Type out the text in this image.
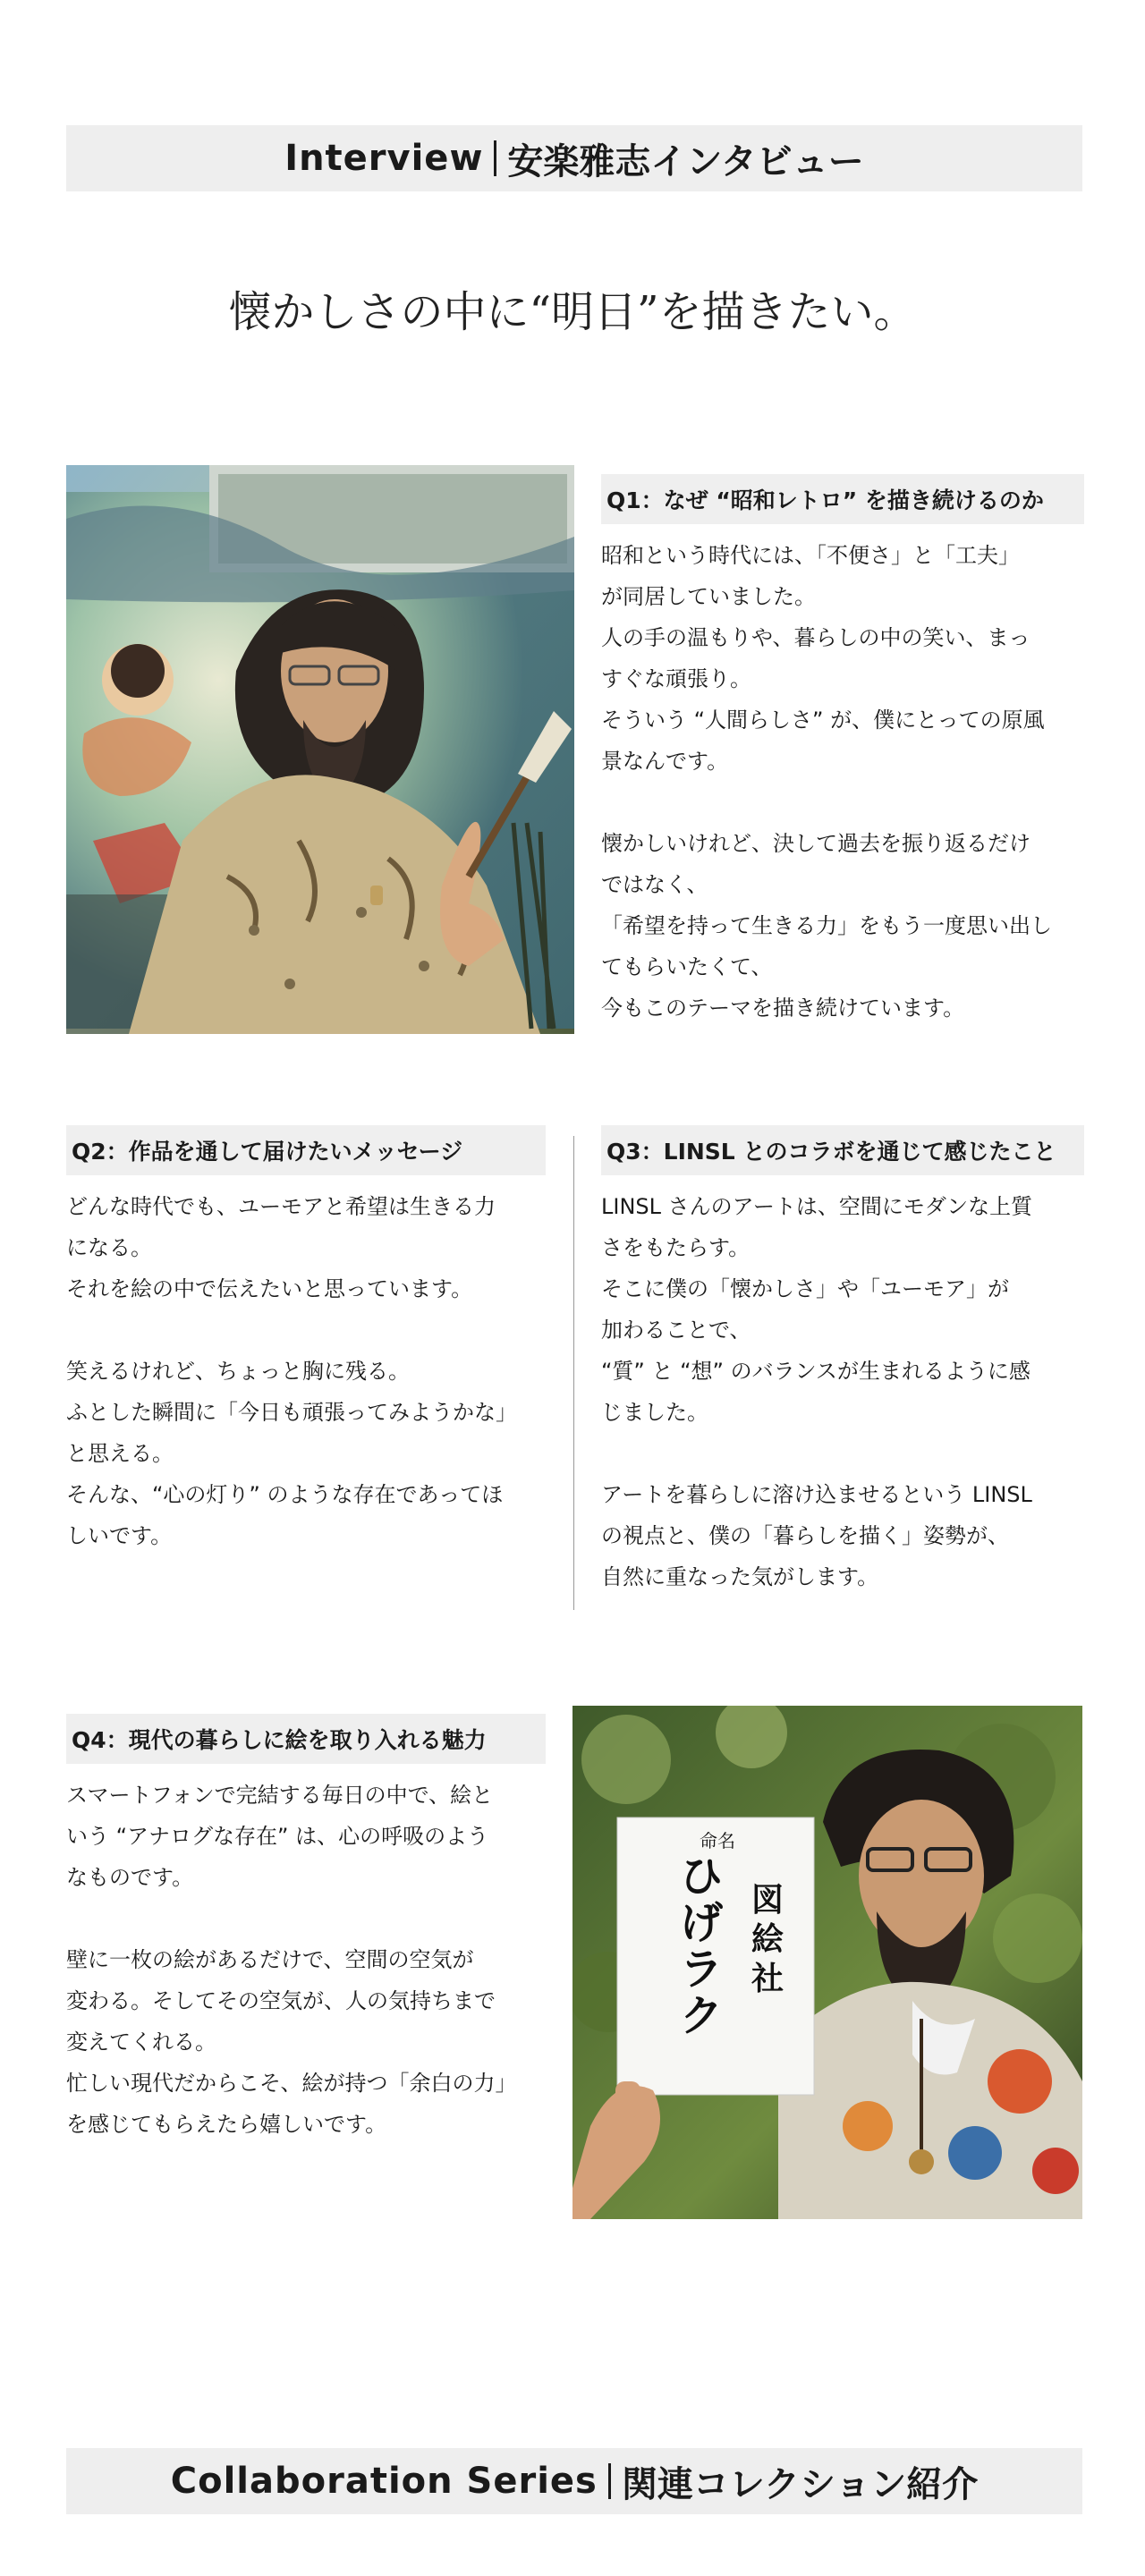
Interview 安楽雅志インタビュー
懐かしさの中に“明日”を描きたい。
Q1：なぜ “昭和レトロ” を描き続けるのか

昭和という時代には、「不便さ」と「工夫」

が同居していました。

人の手の温もりや、暮らしの中の笑い、まっ

すぐな頑張り。

そういう “人間らしさ” が、僕にとっての原風

景なんです。

懐かしいけれど、決して過去を振り返るだけ

ではなく、

「希望を持って生きる力」をもう一度思い出し

てもらいたくて、

今もこのテーマを描き続けています。

Q2：作品を通して届けたいメッセージ

どんな時代でも、ユーモアと希望は生きる力

になる。

それを絵の中で伝えたいと思っています。

笑えるけれど、ちょっと胸に残る。

ふとした瞬間に「今日も頑張ってみようかな」

と思える。

そんな、“心の灯り” のような存在であってほ

しいです。

Q3：LINSL とのコラボを通じて感じたこと

LINSL さんのアートは、空間にモダンな上質

さをもたらす。

そこに僕の「懐かしさ」や「ユーモア」が

加わることで、

“質” と “想” のバランスが生まれるように感

じました。

アートを暮らしに溶け込ませるという LINSL

の視点と、僕の「暮らしを描く」姿勢が、

自然に重なった気がします。

Q4：現代の暮らしに絵を取り入れる魅力

スマートフォンで完結する毎日の中で、絵と

いう “アナログな存在” は、心の呼吸のよう

なものです。

壁に一枚の絵があるだけで、空間の空気が

変わる。そしてその空気が、人の気持ちまで

変えてくれる。

忙しい現代だからこそ、絵が持つ「余白の力」

を感じてもらえたら嬉しいです。

命名
ひげラク
図絵社
Collaboration Series 関連コレクション紹介
